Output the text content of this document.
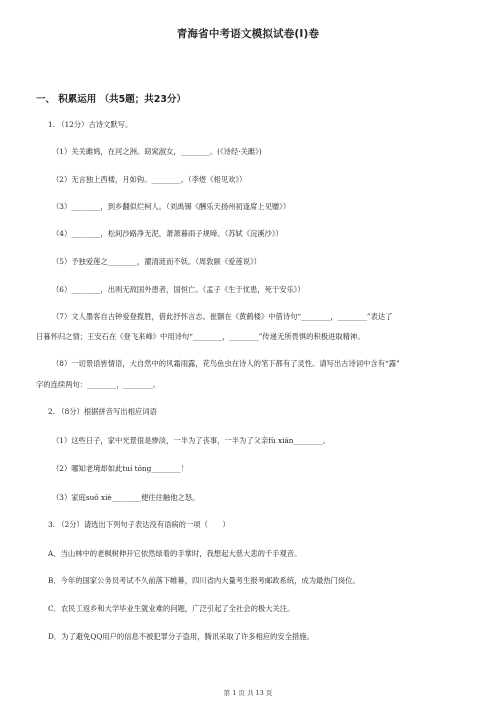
青海省中考语文模拟试卷(I)卷
一、 积累运用 （共5题；共23分）
1. （12分）古诗文默写。
（1）关关雎鸠，在河之洲。窈窕淑女，________。(《诗经·关雎》)
（2）无言独上西楼，月如钩。________。（李煜《相见欢》）
（3）________，到乡翻似烂柯人。（刘禹锡《酬乐天扬州初逢席上见赠》）
（4）________，松间沙路净无泥，萧萧暮雨子规啼。（苏轼《浣溪沙》）
（5）予独爱莲之________，濯清涟而不妖。（周敦颐《爱莲说》）
（6）________，出则无敌国外患者，国恒亡。（孟子《生于忧患，死于安乐》）
（7）文人墨客自古钟爱登揽胜，借此抒怀言志。崔颢在《黄鹤楼》中借诗句“________，________”表达了
日暮怀归之情；王安石在《登飞来峰》中用诗句“________，________”传递无所畏惧的积极进取精神。
（8）一切景语皆情语，大自然中的风霜雨露，花鸟鱼虫在诗人的笔下都有了灵性。请写出古诗词中含有“露”
字的连续两句：________，________。
2. （8分）根据拼音写出相应词语
（1）这些日子，家中光景很是惨淡，一半为了丧事，一半为了父亲fù xián________。
（2）哪知老境却如此tuí tóng________！
（3）家庭suǒ xiè________便往往触他之怒。
3. （2分）请选出下列句子表达没有语病的一项（　　）
A．当山林中的老枫树伸开它依然绿着的手掌时，我想起大慈大悲的千手观音。
B．今年的国家公务员考试不久前落下帷幕，四川省内大量考生报考邮政系统，成为最热门岗位。
C．农民工返乡和大学毕业生就业难的问题，广泛引起了全社会的极大关注。
D．为了避免QQ用户的信息不被犯罪分子盗用，腾讯采取了许多相应的安全措施。
第 1 页 共 13 页
